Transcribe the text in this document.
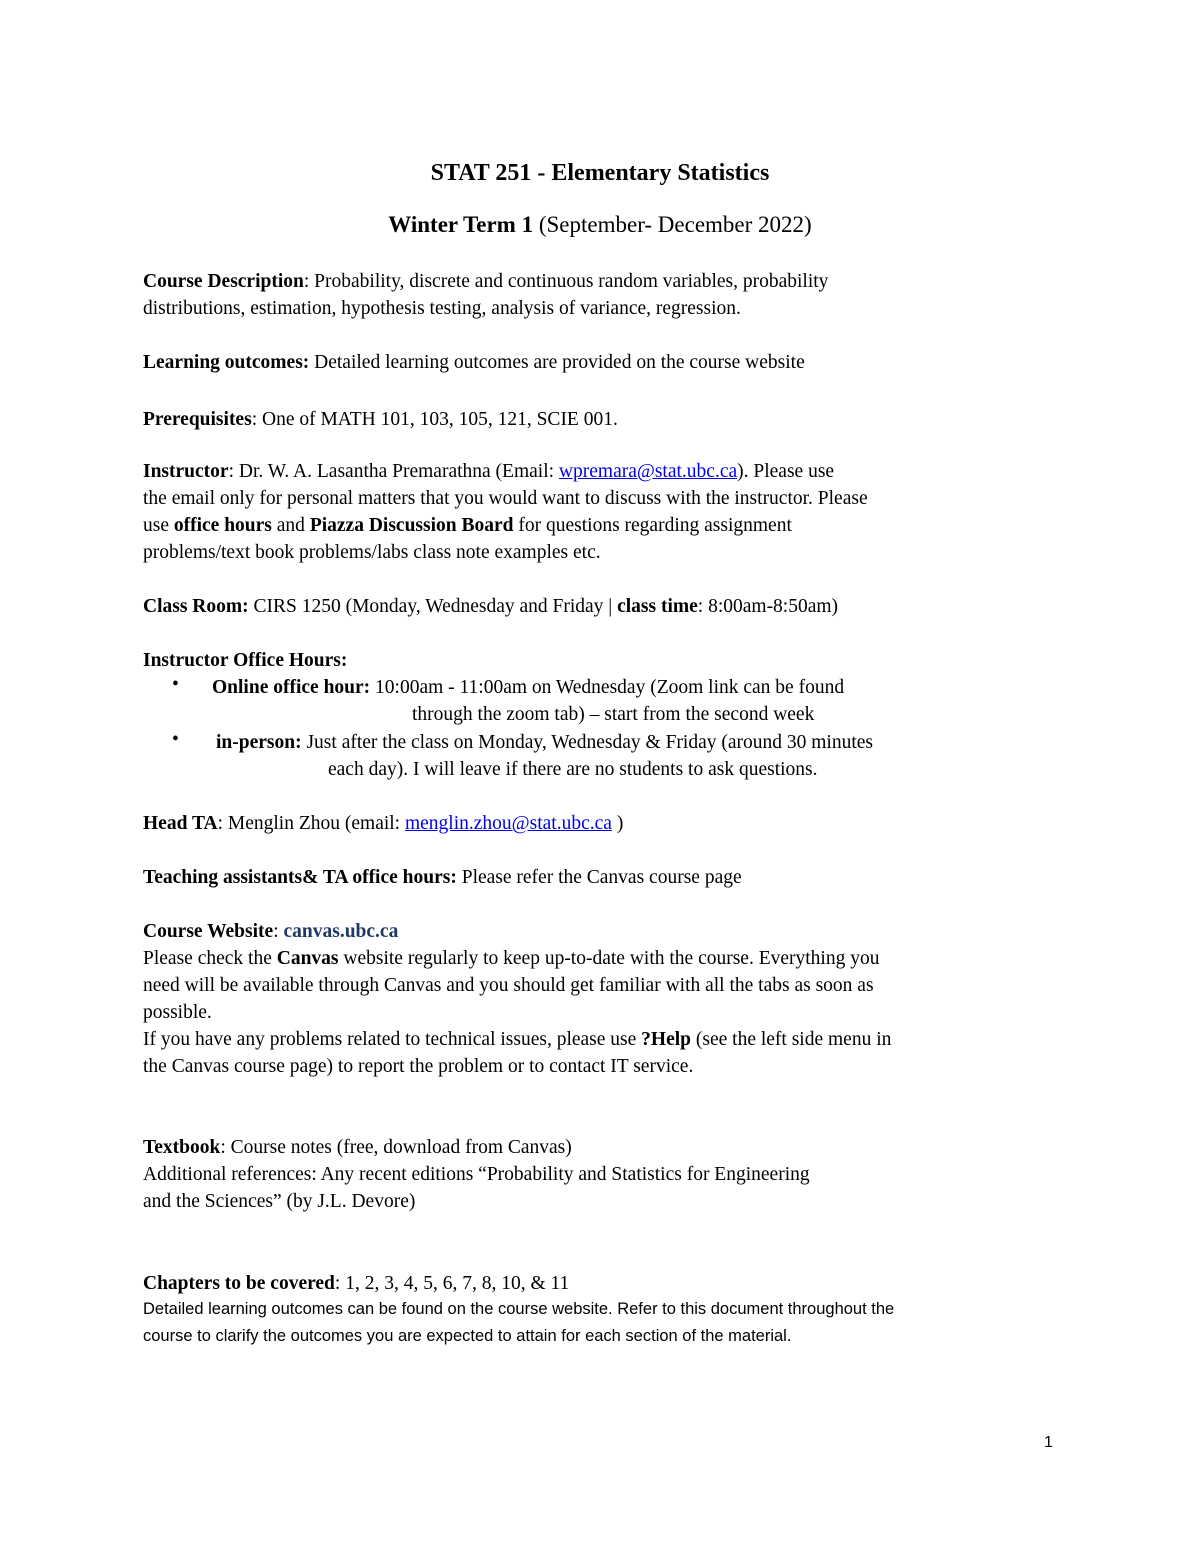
STAT 251 - Elementary Statistics
Winter Term 1 (September- December 2022)
Course Description: Probability, discrete and continuous random variables, probability
distributions, estimation, hypothesis testing, analysis of variance, regression.
Learning outcomes: Detailed learning outcomes are provided on the course website
Prerequisites: One of MATH 101, 103, 105, 121, SCIE 001.
Instructor: Dr. W. A. Lasantha Premarathna (Email: wpremara@stat.ubc.ca). Please use
the email only for personal matters that you would want to discuss with the instructor. Please
use office hours and Piazza Discussion Board for questions regarding assignment
problems/text book problems/labs class note examples etc.
Class Room: CIRS 1250 (Monday, Wednesday and Friday | class time: 8:00am-8:50am)
Instructor Office Hours:
• Online office hour: 10:00am - 11:00am on Wednesday (Zoom link can be found
through the zoom tab) – start from the second week
• in-person: Just after the class on Monday, Wednesday & Friday (around 30 minutes
each day). I will leave if there are no students to ask questions.
Head TA: Menglin Zhou (email: menglin.zhou@stat.ubc.ca )
Teaching assistants& TA office hours: Please refer the Canvas course page
Course Website: canvas.ubc.ca
Please check the Canvas website regularly to keep up-to-date with the course. Everything you
need will be available through Canvas and you should get familiar with all the tabs as soon as
possible.
If you have any problems related to technical issues, please use ?Help (see the left side menu in
the Canvas course page) to report the problem or to contact IT service.
Textbook: Course notes (free, download from Canvas)
Additional references: Any recent editions “Probability and Statistics for Engineering
and the Sciences” (by J.L. Devore)
Chapters to be covered: 1, 2, 3, 4, 5, 6, 7, 8, 10, & 11
Detailed learning outcomes can be found on the course website. Refer to this document throughout the
course to clarify the outcomes you are expected to attain for each section of the material.
1
